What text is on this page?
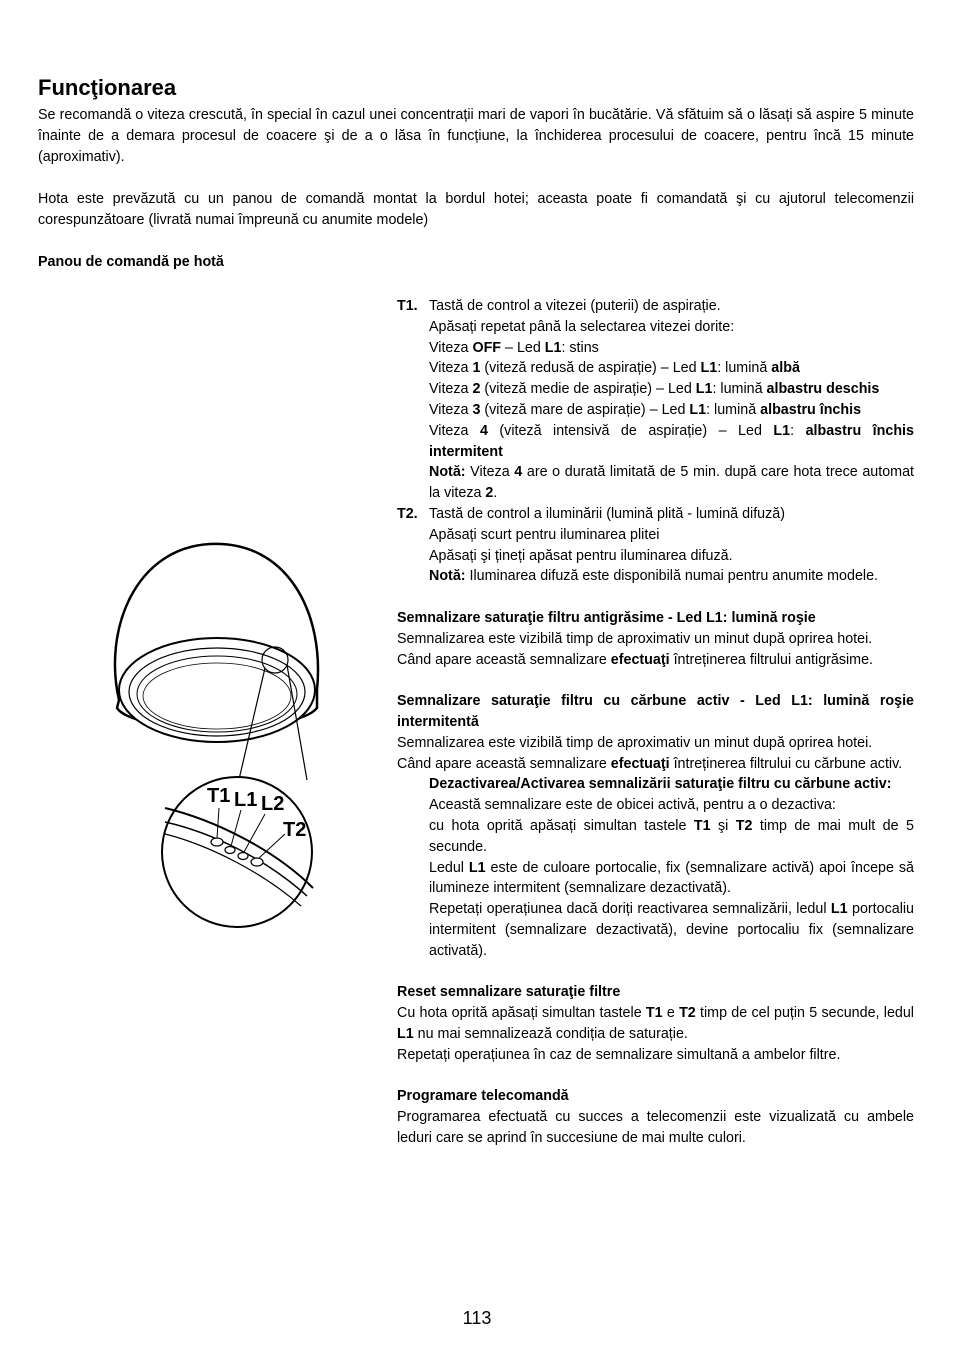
Funcţionarea

Se recomandă o viteza crescută, în special în cazul unei concentrații mari de vapori în bucătărie. Vă sfătuim să o lăsați să aspire 5 minute înainte de a demara procesul de coacere şi de a o lăsa în funcțiune, la închiderea procesului de coacere, pentru încă 15 minute (aproximativ).

Hota este prevăzută cu un panou de comandă montat la bordul hotei; aceasta poate fi comandată şi cu ajutorul telecomenzii corespunzătoare (livrată numai împreună cu anumite modele)

Panou de comandă pe hotă

T1 L1 L2
T2
T1. Tastă de control a vitezei (puterii) de aspirație.

Apăsați repetat până la selectarea vitezei dorite:

Viteza OFF – Led L1: stins

Viteza 1 (viteză redusă de aspirație) – Led L1: lumină albă

Viteza 2 (viteză medie de aspirație) – Led L1: lumină albastru deschis

Viteza 3 (viteză mare de aspirație) – Led L1: lumină albastru închis

Viteza 4 (viteză intensivă de aspirație) – Led L1: albastru închis intermitent

Notă: Viteza 4 are o durată limitată de 5 min. după care hota trece automat la viteza 2.

T2. Tastă de control a iluminării (lumină plită - lumină difuză)

Apăsați scurt pentru iluminarea plitei

Apăsați şi țineți apăsat pentru iluminarea difuză.

Notă: Iluminarea difuză este disponibilă numai pentru anumite modele.

Semnalizare saturaţie filtru antigrăsime - Led L1: lumină roşie

Semnalizarea este vizibilă timp de aproximativ un minut după oprirea hotei.

Când apare această semnalizare efectuaţi întreținerea filtrului antigrăsime.

Semnalizare saturaţie filtru cu cărbune activ - Led L1: lumină roşie intermitentă

Semnalizarea este vizibilă timp de aproximativ un minut după oprirea hotei.

Când apare această semnalizare efectuaţi întreținerea filtrului cu cărbune activ.

Dezactivarea/Activarea semnalizării saturaţie filtru cu cărbune activ:

Această semnalizare este de obicei activă, pentru a o dezactiva:

cu hota oprită apăsați simultan tastele T1 şi T2 timp de mai mult de 5 secunde.

Ledul L1 este de culoare portocalie, fix (semnalizare activă) apoi începe să ilumineze intermitent (semnalizare dezactivată).

Repetați operațiunea dacă doriți reactivarea semnalizării, ledul L1 portocaliu intermitent (semnalizare dezactivată), devine portocaliu fix (semnalizare activată).

Reset semnalizare saturaţie filtre

Cu hota oprită apăsați simultan tastele T1 e T2 timp de cel puțin 5 secunde, ledul L1 nu mai semnalizează condiția de saturație.

Repetați operațiunea în caz de semnalizare simultană a ambelor filtre.

Programare telecomandă

Programarea efectuată cu succes a telecomenzii este vizualizată cu ambele leduri care se aprind în succesiune de mai multe culori.

113
